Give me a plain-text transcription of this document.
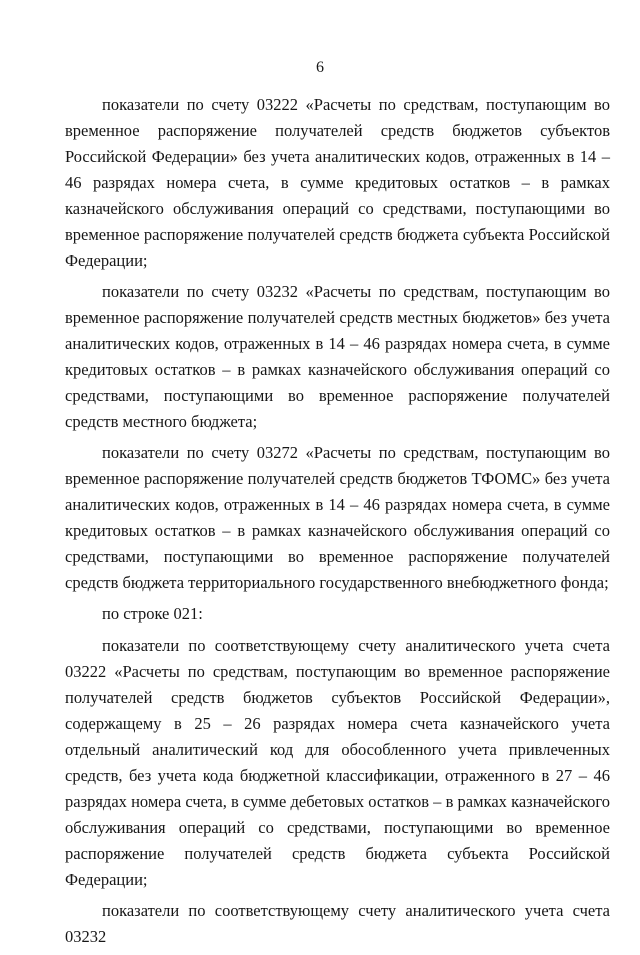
6

показатели по счету 03222 «Расчеты по средствам, поступающим во временное распоряжение получателей средств бюджетов субъектов Российской Федерации» без учета аналитических кодов, отраженных в 14 – 46 разрядах номера счета, в сумме кредитовых остатков – в рамках казначейского обслуживания операций со средствами, поступающими во временное распоряжение получателей средств бюджета субъекта Российской Федерации;

показатели по счету 03232 «Расчеты по средствам, поступающим во временное распоряжение получателей средств местных бюджетов» без учета аналитических кодов, отраженных в 14 – 46 разрядах номера счета, в сумме кредитовых остатков – в рамках казначейского обслуживания операций со средствами, поступающими во временное распоряжение получателей средств местного бюджета;

показатели по счету 03272 «Расчеты по средствам, поступающим во временное распоряжение получателей средств бюджетов ТФОМС» без учета аналитических кодов, отраженных в 14 – 46 разрядах номера счета, в сумме кредитовых остатков – в рамках казначейского обслуживания операций со средствами, поступающими во временное распоряжение получателей средств бюджета территориального государственного внебюджетного фонда;

по строке 021:

показатели по соответствующему счету аналитического учета счета 03222 «Расчеты по средствам, поступающим во временное распоряжение получателей средств бюджетов субъектов Российской Федерации», содержащему в 25 – 26 разрядах номера счета казначейского учета отдельный аналитический код для обособленного учета привлеченных средств, без учета кода бюджетной классификации, отраженного в 27 – 46 разрядах номера счета, в сумме дебетовых остатков – в рамках казначейского обслуживания операций со средствами, поступающими во временное распоряжение получателей средств бюджета субъекта Российской Федерации;

показатели по соответствующему счету аналитического учета счета 03232
